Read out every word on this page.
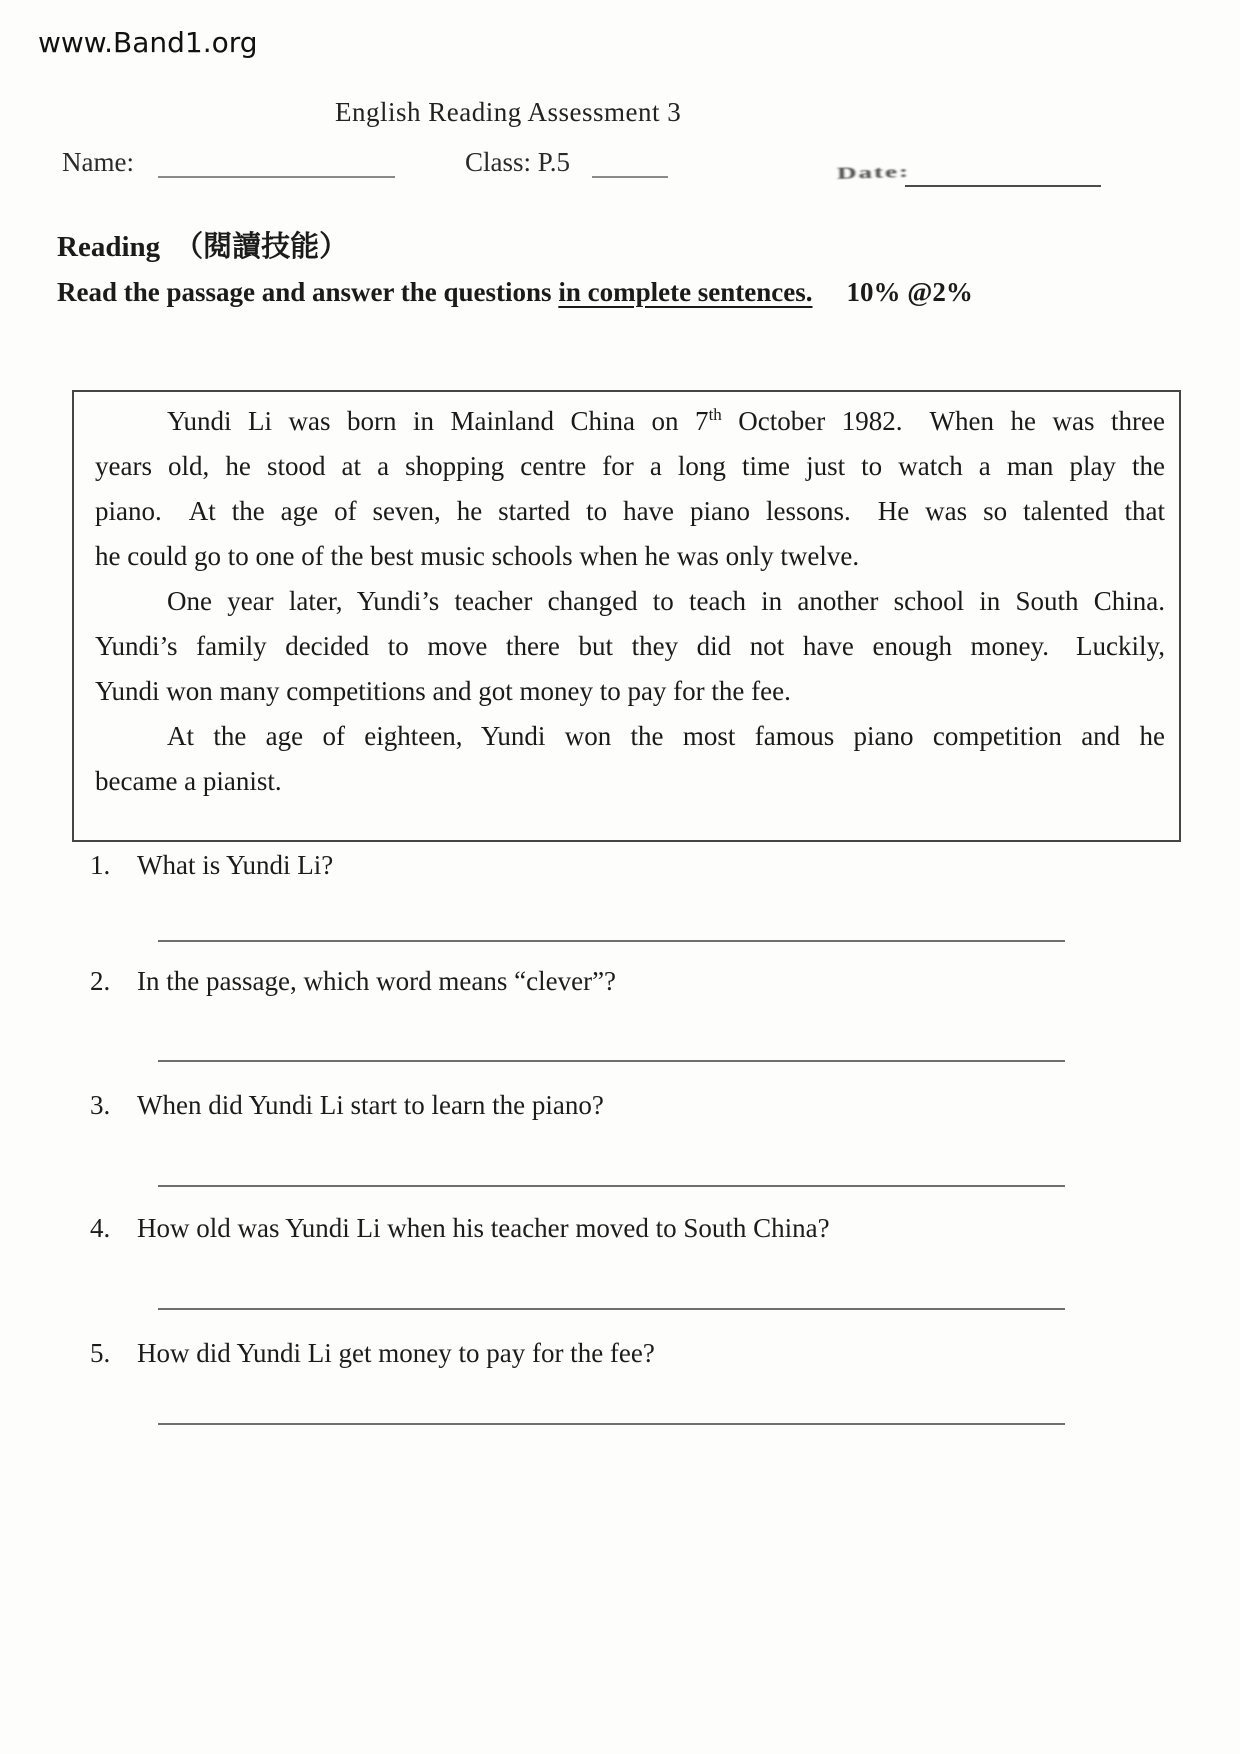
www.Band1.org
English Reading Assessment 3
Name:	Class: P.5	Date:
Reading （閱讀技能）
Read the passage and answer the questions in complete sentences. 10% @2%
Yundi Li was born in Mainland China on 7th October 1982.  When he was three
years old, he stood at a shopping centre for a long time just to watch a man play the
piano.  At the age of seven, he started to have piano lessons.  He was so talented that
he could go to one of the best music schools when he was only twelve.
One year later, Yundi’s teacher changed to teach in another school in South China.
Yundi’s family decided to move there but they did not have enough money.  Luckily,
Yundi won many competitions and got money to pay for the fee.
At the age of eighteen, Yundi won the most famous piano competition and he
became a pianist.
1. What is Yundi Li?
2. In the passage, which word means “clever”?
3. When did Yundi Li start to learn the piano?
4. How old was Yundi Li when his teacher moved to South China?
5. How did Yundi Li get money to pay for the fee?
